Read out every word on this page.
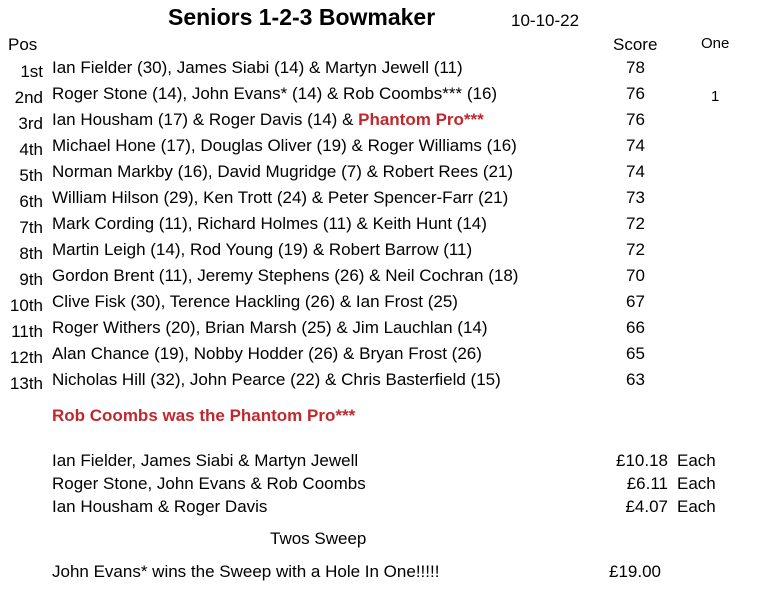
Seniors 1-2-3 Bowmaker	10-10-22
Pos	Score	One
1st Ian Fielder (30), James Siabi (14) & Martyn Jewell (11)	78
2nd Roger Stone (14), John Evans* (14) & Rob Coombs*** (16)	76	1
3rd Ian Housham (17) & Roger Davis (14) & Phantom Pro***	76
4th Michael Hone (17), Douglas Oliver (19) & Roger Williams (16)	74
5th Norman Markby (16), David Mugridge (7) & Robert Rees (21)	74
6th William Hilson (29), Ken Trott (24) & Peter Spencer-Farr (21)	73
7th Mark Cording (11), Richard Holmes (11) & Keith Hunt (14)	72
8th Martin Leigh (14), Rod Young (19) & Robert Barrow (11)	72
9th Gordon Brent (11), Jeremy Stephens (26) & Neil Cochran (18)	70
10th Clive Fisk (30), Terence Hackling (26) & Ian Frost (25)	67
11th Roger Withers (20), Brian Marsh (25) & Jim Lauchlan (14)	66
12th Alan Chance (19), Nobby Hodder (26) & Bryan Frost (26)	65
13th Nicholas Hill (32), John Pearce (22) & Chris Basterfield (15)	63
Rob Coombs was the Phantom Pro***
Ian Fielder, James Siabi & Martyn Jewell	£10.18 Each
Roger Stone, John Evans & Rob Coombs	£6.11 Each
Ian Housham & Roger Davis	£4.07 Each
Twos Sweep
John Evans* wins the Sweep with a Hole In One!!!!!	£19.00
